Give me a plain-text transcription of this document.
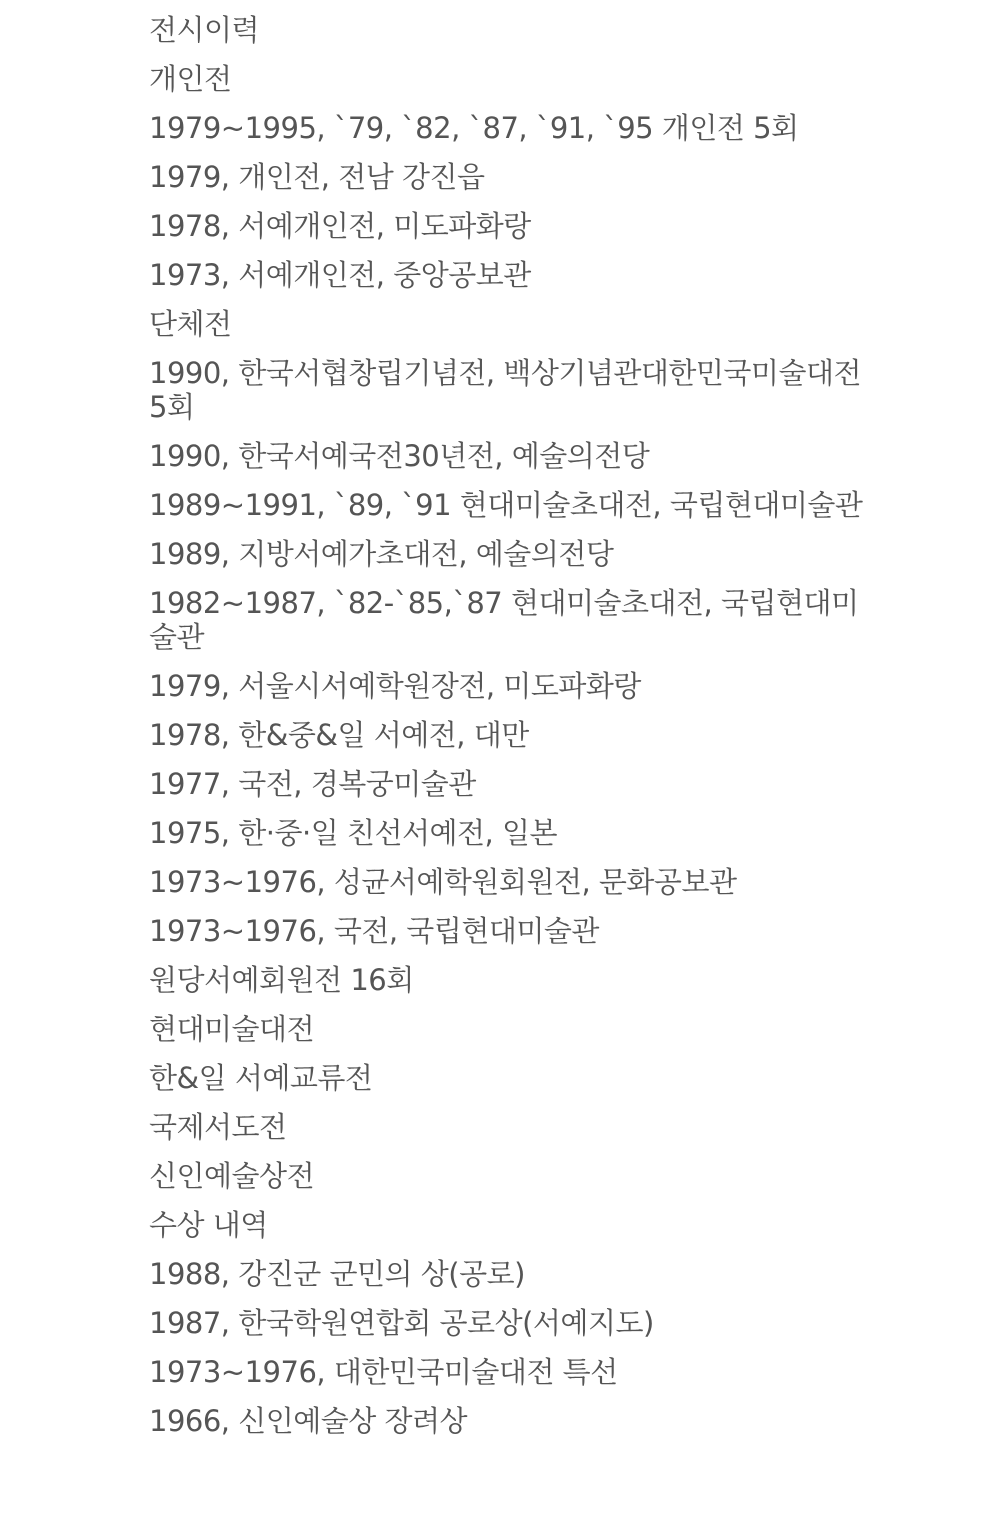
전시이력
개인전
1979~1995, `79, `82, `87, `91, `95 개인전 5회
1979, 개인전, 전남 강진읍
1978, 서예개인전, 미도파화랑
1973, 서예개인전, 중앙공보관
단체전
1990, 한국서협창립기념전, 백상기념관대한민국미술대전 5회
1990, 한국서예국전30년전, 예술의전당
1989~1991, `89, `91 현대미술초대전, 국립현대미술관
1989, 지방서예가초대전, 예술의전당
1982~1987, `82-`85,`87 현대미술초대전, 국립현대미술관
1979, 서울시서예학원장전, 미도파화랑
1978, 한&중&일 서예전, 대만
1977, 국전, 경복궁미술관
1975, 한·중·일 친선서예전, 일본
1973~1976, 성균서예학원회원전, 문화공보관
1973~1976, 국전, 국립현대미술관
원당서예회원전 16회
현대미술대전
한&일 서예교류전
국제서도전
신인예술상전
수상 내역
1988, 강진군 군민의 상(공로)
1987, 한국학원연합회 공로상(서예지도)
1973~1976, 대한민국미술대전 특선
1966, 신인예술상 장려상
